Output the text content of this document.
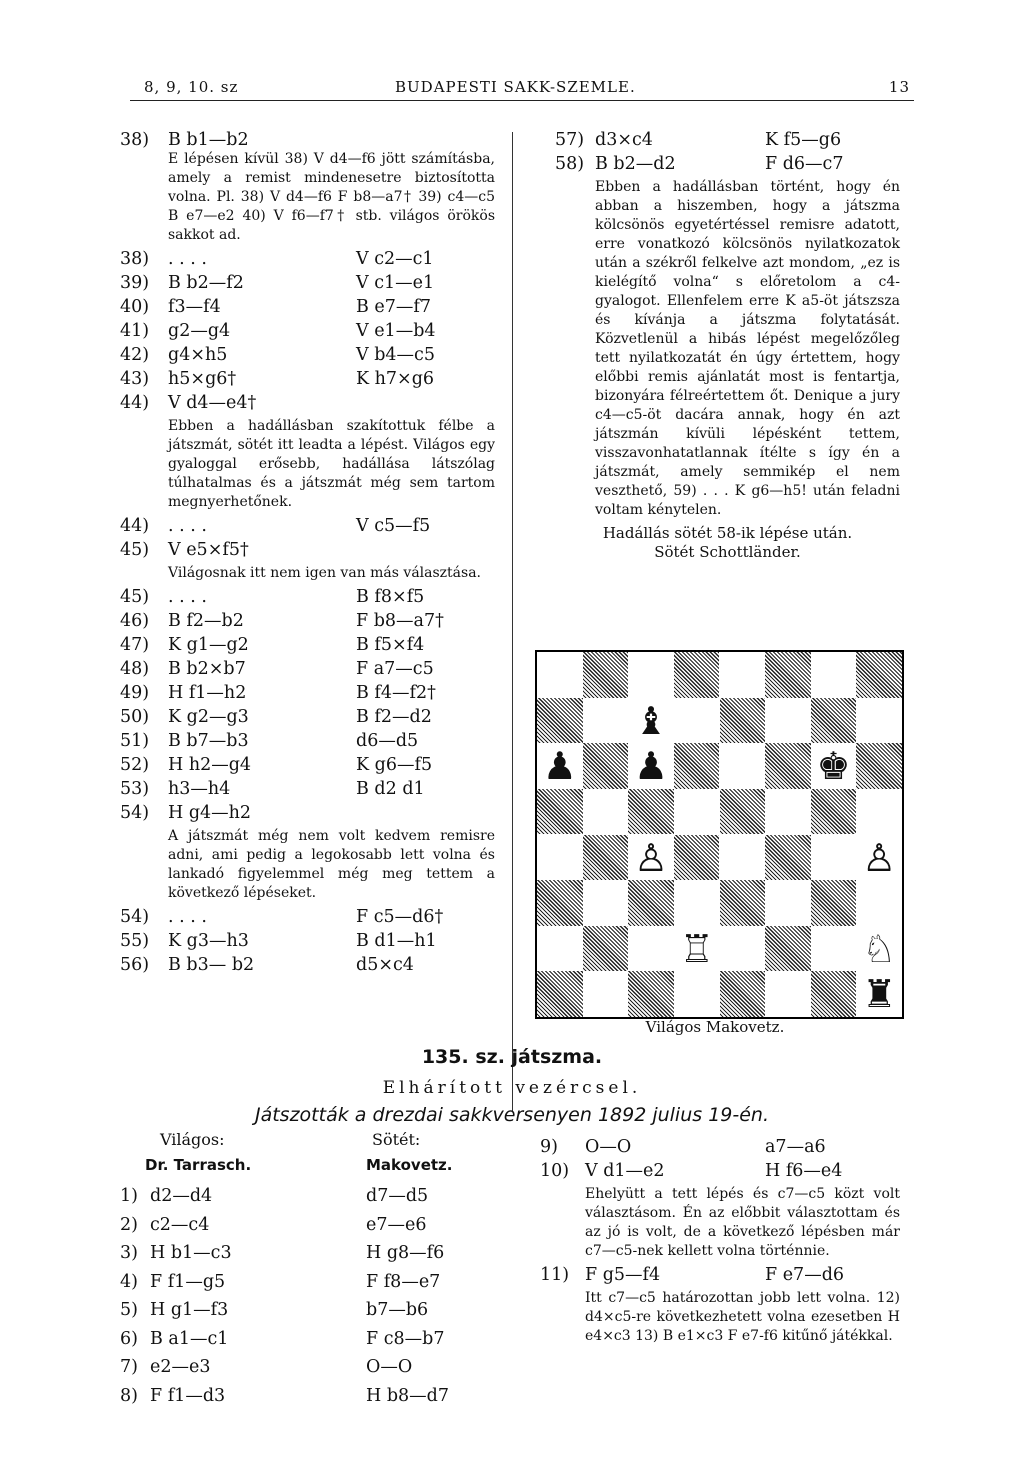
8, 9, 10. sz	BUDAPESTI SAKK-SZEMLE.	13
38) B b1—b2

E lépésen kívül 38) V d4—f6 jött számításba, amely a remist mindenesetre biztosította volna. Pl. 38) V d4—f6 F b8—a7† 39) c4—c5 B e7—e2 40) V f6—f7† stb. világos örökös sakkot ad.

38) . . . .	V c2—c1
39) B b2—f2	V c1—e1
40) f3—f4	B e7—f7
41) g2—g4	V e1—b4
42) g4⨯h5	V b4—c5
43) h5⨯g6†	K h7⨯g6
44) V d4—e4†

Ebben a hadállásban szakítottuk félbe a játszmát, sötét itt leadta a lépést. Világos egy gyaloggal erősebb, hadállása látszólag túlhatalmas és a játszmát még sem tartom megnyerhetőnek.

44) . . . .	V c5—f5
45) V e5⨯f5†

Világosnak itt nem igen van más választása.

45) . . . .	B f8⨯f5
46) B f2—b2	F b8—a7†
47) K g1—g2	B f5⨯f4
48) B b2⨯b7	F a7—c5
49) H f1—h2	B f4—f2†
50) K g2—g3	B f2—d2
51) B b7—b3	d6—d5
52) H h2—g4	K g6—f5
53) h3—h4	B d2 d1
54) H g4—h2

A játszmát még nem volt kedvem remisre adni, ami pedig a legokosabb lett volna és lankadó figyelemmel még meg tettem a következő lépéseket.

54) . . . .	F c5—d6†
55) K g3—h3	B d1—h1
56) B b3— b2	d5⨯c4
57) d3⨯c4	K f5—g6
58) B b2—d2	F d6—c7

Ebben a hadállásban történt, hogy én abban a hiszemben, hogy a játszma kölcsönös egyetértéssel remisre adatott, erre vonatkozó kölcsönös nyilatkozatok után a székről felkelve azt mondom, „ez is kielégítő volna“ s előretolom a c4-gyalogot. Ellenfelem erre K a5-öt játszsza és kívánja a játszma folytatását. Közvetlenül a hibás lépést megelőzőleg tett nyilatkozatát én úgy értettem, hogy előbbi remis ajánlatát most is fentartja, bizonyára félreértettem őt. Denique a jury c4—c5-öt dacára annak, hogy én azt játszmán kívüli lépésként tettem, visszavonhatatlannak ítélte s így én a játszmát, amely semmikép el nem veszthető, 59) . . . K g6—h5! után feladni voltam kénytelen.

Hadállás sötét 58-ik lépése után.
Sötét Schottländer.
♝
♟ ♟	♚
♙	♙
♖	♘
♜
Világos Makovetz.
135. sz. játszma.
Elhárított vezércsel.
Játszották a drezdai sakkversenyen 1892 julius 19-én.
Világos:	Sötét:
Dr. Tarrasch.	Makovetz.
1) d2—d4	d7—d5
2) c2—c4	e7—e6
3) H b1—c3	H g8—f6
4) F f1—g5	F f8—e7
5) H g1—f3	b7—b6
6) B a1—c1	F c8—b7
7) e2—e3	O—O
8) F f1—d3	H b8—d7
9) O—O	a7—a6
10) V d1—e2	H f6—e4

Ehelyütt a tett lépés és c7—c5 közt volt választásom. Én az előbbit választottam és az jó is volt, de a következő lépésben már c7—c5-nek kellett volna történnie.

11) F g5—f4	F e7—d6

Itt c7—c5 határozottan jobb lett volna. 12) d4⨯c5-re következhetett volna ezesetben H e4⨯c3 13) B e1⨯c3 F e7-f6 kitűnő játékkal.
